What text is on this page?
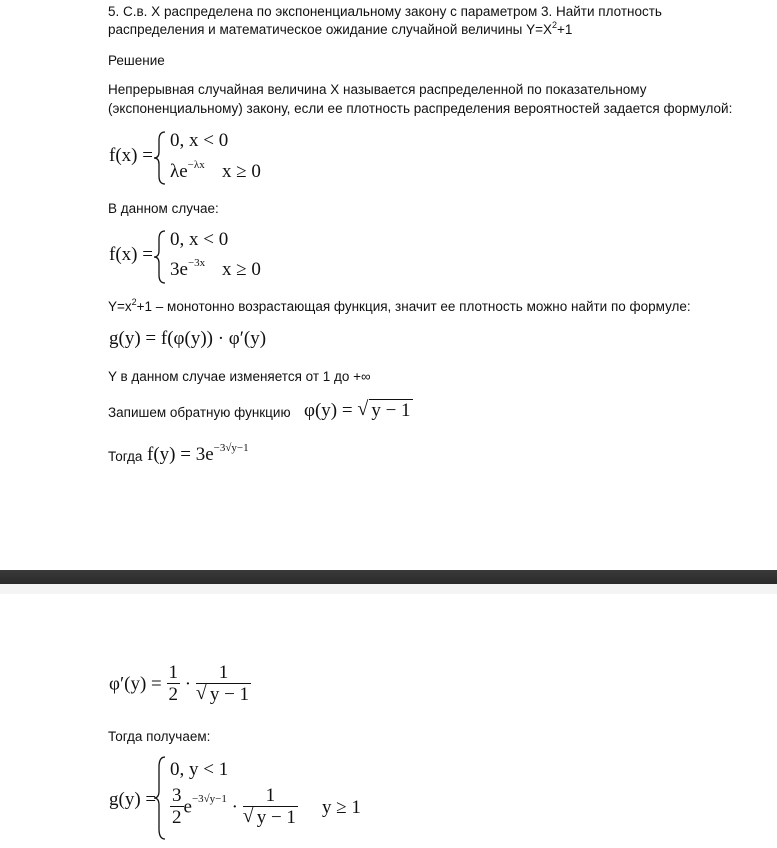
5. С.в. X распределена по экспоненциальному закону с параметром 3. Найти плотность
распределения и математическое ожидание случайной величины $Y=X^2+1$
Решение
Непрерывная случайная величина X называется распределенной по показательному
(экспоненциальному) закону, если ее плотность распределения вероятностей задается формулой:
f(x) =
0, x < 0
$\lambda e^{-\lambda x}$ x ≥ 0
В данном случае:
f(x) =
0, x < 0
$3e^{-3x}$ x ≥ 0
$Y=x^2+1$ – монотонно возрастающая функция, значит ее плотность можно найти по формуле:
g(y) = f(φ(y)) · φ′(y)
Y в данном случае изменяется от 1 до +∞
Запишем обратную функцию φ(y) = √ y − 1
Тогда $f(y) = 3e^{-3√y-1}$
$\varphi'(y) = \frac{1}{2} \cdot 1$
√ y − 1
Тогда получаем:
g(y) =
0, y < 1
$\frac{3}{2} e^{-3√y-1} \cdot 1$
√ y − 1 y ≥ 1
